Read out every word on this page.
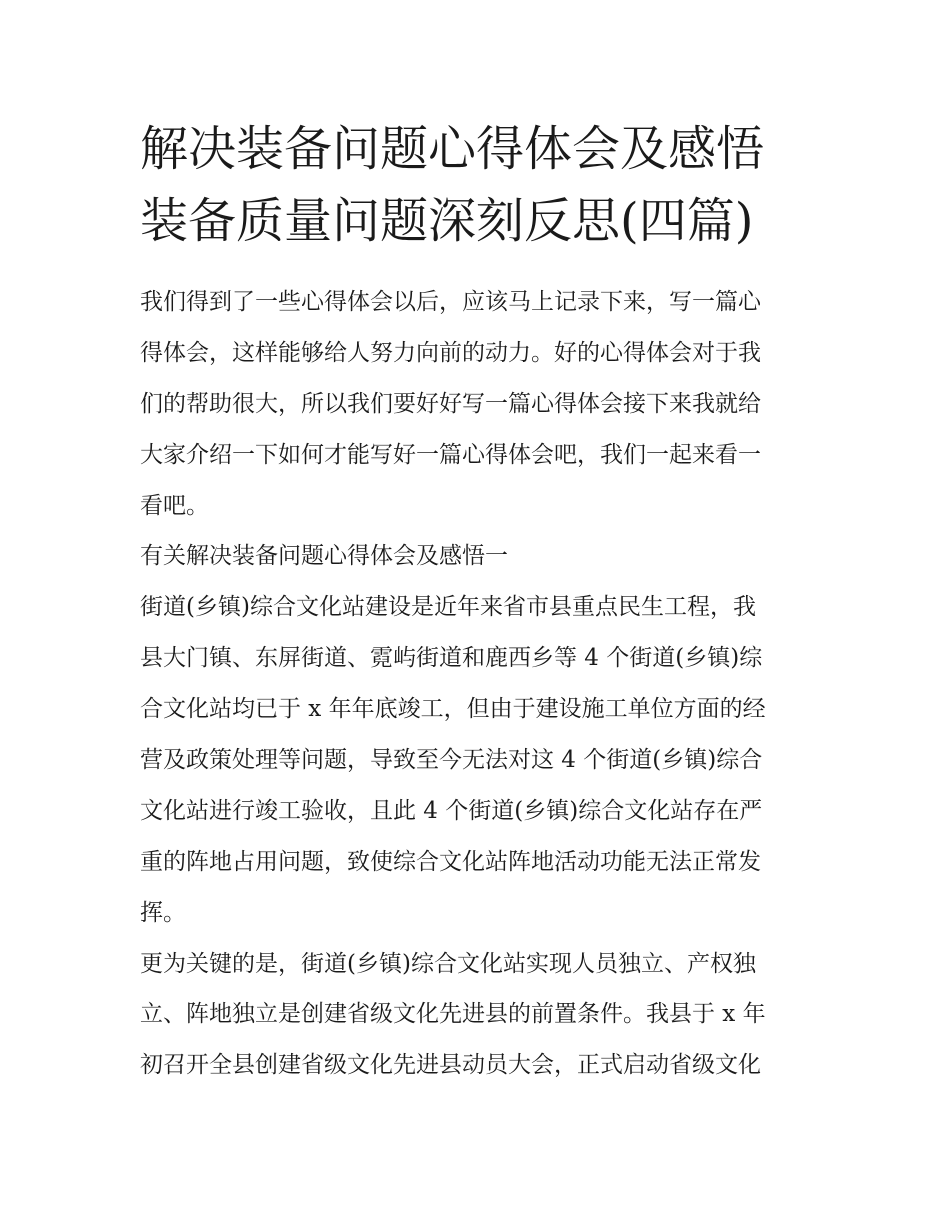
解决装备问题心得体会及感悟
装备质量问题深刻反思(四篇)
我们得到了一些心得体会以后，应该马上记录下来，写一篇心
得体会，这样能够给人努力向前的动力。好的心得体会对于我
们的帮助很大，所以我们要好好写一篇心得体会接下来我就给
大家介绍一下如何才能写好一篇心得体会吧，我们一起来看一
看吧。
有关解决装备问题心得体会及感悟一
街道(乡镇)综合文化站建设是近年来省市县重点民生工程，我
县大门镇、东屏街道、霓屿街道和鹿西乡等 4 个街道(乡镇)综
合文化站均已于 x 年年底竣工，但由于建设施工单位方面的经
营及政策处理等问题，导致至今无法对这 4 个街道(乡镇)综合
文化站进行竣工验收，且此 4 个街道(乡镇)综合文化站存在严
重的阵地占用问题，致使综合文化站阵地活动功能无法正常发
挥。
更为关键的是，街道(乡镇)综合文化站实现人员独立、产权独
立、阵地独立是创建省级文化先进县的前置条件。我县于 x 年
初召开全县创建省级文化先进县动员大会，正式启动省级文化
